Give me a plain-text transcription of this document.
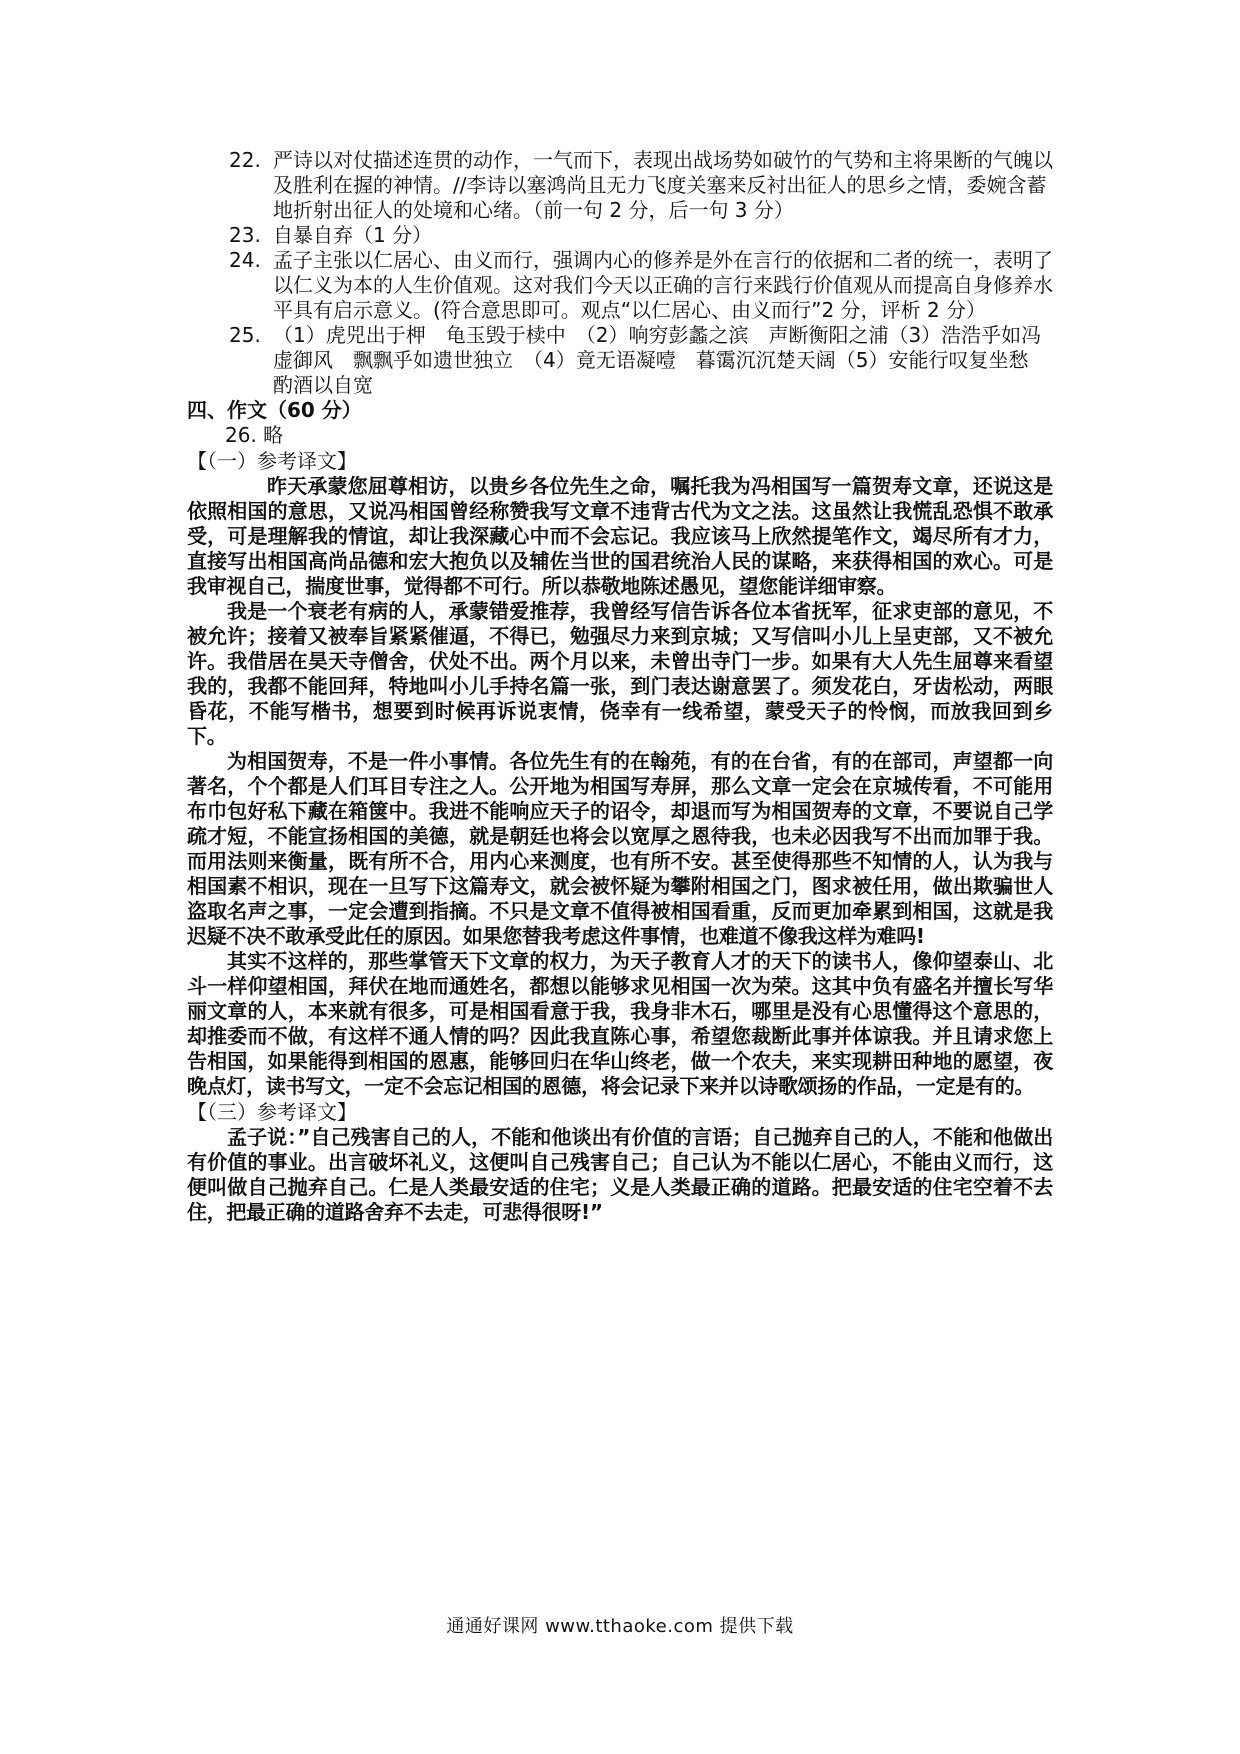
22. 严诗以对仗描述连贯的动作，一气而下，表现出战场势如破竹的气势和主将果断的气魄以及胜利在握的神情。//李诗以塞鸿尚且无力飞度关塞来反衬出征人的思乡之情，委婉含蓄地折射出征人的处境和心绪。（前一句 2 分，后一句 3 分）
23. 自暴自弃（1 分）
24. 孟子主张以仁居心、由义而行，强调内心的修养是外在言行的依据和二者的统一，表明了以仁义为本的人生价值观。这对我们今天以正确的言行来践行价值观从而提高自身修养水平具有启示意义。(符合意思即可。观点“以仁居心、由义而行”2 分，评析 2 分）
25. （1）虎兕出于柙　龟玉毁于椟中　（2）响穷彭蠡之滨　声断衡阳之浦（3）浩浩乎如冯虚御风　飘飘乎如遗世独立　（4）竟无语凝噎　暮霭沉沉楚天阔（5）安能行叹复坐愁　酌酒以自宽
四、作文（60 分）
26. 略
【（一）参考译文】

昨天承蒙您屈尊相访，以贵乡各位先生之命，嘱托我为冯相国写一篇贺寿文章，还说这是依照相国的意思，又说冯相国曾经称赞我写文章不违背古代为文之法。这虽然让我慌乱恐惧不敢承受，可是理解我的情谊，却让我深藏心中而不会忘记。我应该马上欣然提笔作文，竭尽所有才力，直接写出相国高尚品德和宏大抱负以及辅佐当世的国君统治人民的谋略，来获得相国的欢心。可是我审视自己，揣度世事，觉得都不可行。所以恭敬地陈述愚见，望您能详细审察。

我是一个衰老有病的人，承蒙错爱推荐，我曾经写信告诉各位本省抚军，征求吏部的意见，不被允许；接着又被奉旨紧紧催逼，不得已，勉强尽力来到京城；又写信叫小儿上呈吏部，又不被允许。我借居在昊天寺僧舍，伏处不出。两个月以来，未曾出寺门一步。如果有大人先生屈尊来看望我的，我都不能回拜，特地叫小儿手持名篇一张，到门表达谢意罢了。须发花白，牙齿松动，两眼昏花，不能写楷书，想要到时候再诉说衷情，侥幸有一线希望，蒙受天子的怜悯，而放我回到乡下。

为相国贺寿，不是一件小事情。各位先生有的在翰苑，有的在台省，有的在部司，声望都一向著名，个个都是人们耳目专注之人。公开地为相国写寿屏，那么文章一定会在京城传看，不可能用布巾包好私下藏在箱箧中。我进不能响应天子的诏令，却退而写为相国贺寿的文章，不要说自己学疏才短，不能宣扬相国的美德，就是朝廷也将会以宽厚之恩待我，也未必因我写不出而加罪于我。而用法则来衡量，既有所不合，用内心来测度，也有所不安。甚至使得那些不知情的人，认为我与相国素不相识，现在一旦写下这篇寿文，就会被怀疑为攀附相国之门，图求被任用，做出欺骗世人盗取名声之事，一定会遭到指摘。不只是文章不值得被相国看重，反而更加牵累到相国，这就是我迟疑不决不敢承受此任的原因。如果您替我考虑这件事情，也难道不像我这样为难吗!

其实不这样的，那些掌管天下文章的权力，为天子教育人才的天下的读书人，像仰望泰山、北斗一样仰望相国，拜伏在地而通姓名，都想以能够求见相国一次为荣。这其中负有盛名并擅长写华丽文章的人，本来就有很多，可是相国看意于我，我身非木石，哪里是没有心思懂得这个意思的，却推委而不做，有这样不通人情的吗？因此我直陈心事，希望您裁断此事并体谅我。并且请求您上告相国，如果能得到相国的恩惠，能够回归在华山终老，做一个农夫，来实现耕田种地的愿望，夜晚点灯，读书写文，一定不会忘记相国的恩德，将会记录下来并以诗歌颂扬的作品，一定是有的。

【（三）参考译文】

孟子说：”自己残害自己的人，不能和他谈出有价值的言语；自己抛弃自己的人，不能和他做出有价值的事业。出言破坏礼义，这便叫自己残害自己；自己认为不能以仁居心，不能由义而行，这便叫做自己抛弃自己。仁是人类最安适的住宅；义是人类最正确的道路。把最安适的住宅空着不去住，把最正确的道路舍弃不去走，可悲得很呀!”

通通好课网 www.tthaoke.com 提供下载
